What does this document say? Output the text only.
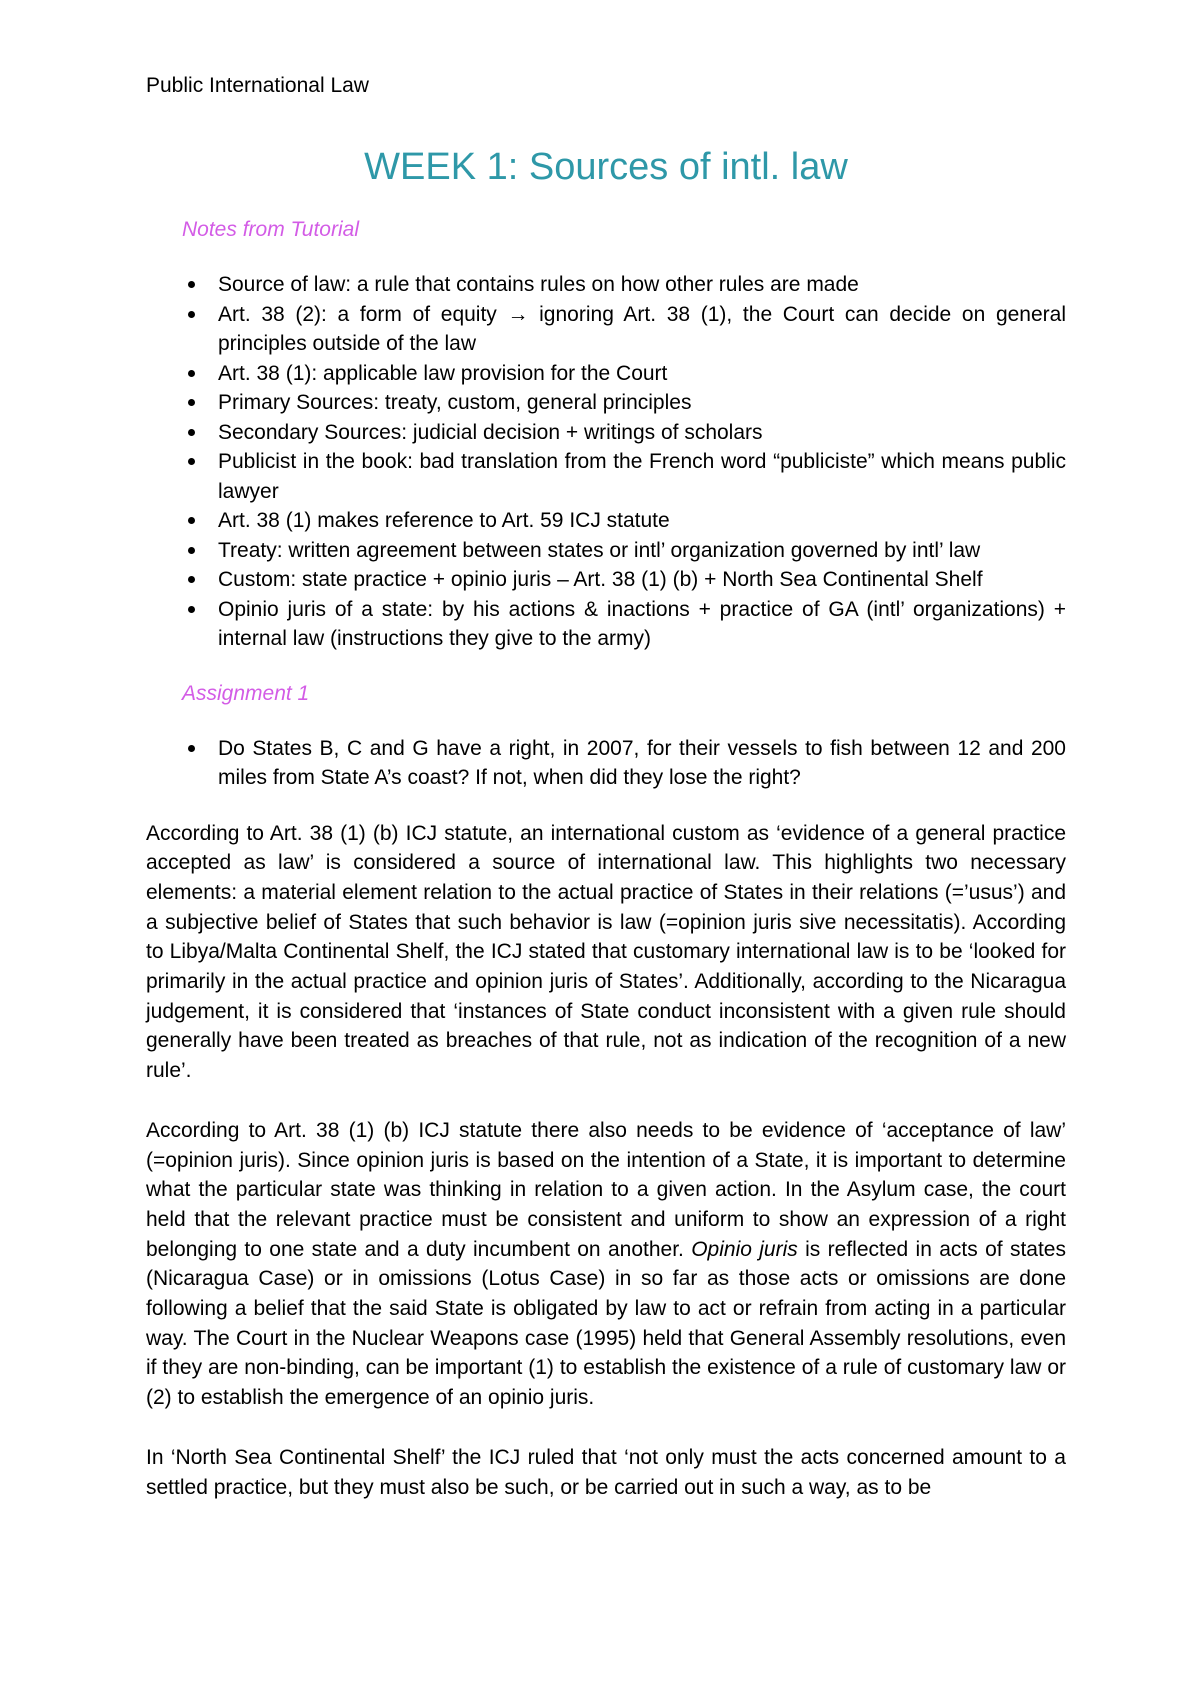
Public International Law
WEEK 1: Sources of intl. law
Notes from Tutorial
Source of law: a rule that contains rules on how other rules are made
Art. 38 (2): a form of equity → ignoring Art. 38 (1), the Court can decide on general principles outside of the law
Art. 38 (1): applicable law provision for the Court
Primary Sources: treaty, custom, general principles
Secondary Sources: judicial decision + writings of scholars
Publicist in the book: bad translation from the French word “publiciste” which means public lawyer
Art. 38 (1) makes reference to Art. 59 ICJ statute
Treaty: written agreement between states or intl’ organization governed by intl’ law
Custom: state practice + opinio juris – Art. 38 (1) (b) + North Sea Continental Shelf
Opinio juris of a state: by his actions & inactions + practice of GA (intl’ organizations) + internal law (instructions they give to the army)
Assignment 1
Do States B, C and G have a right, in 2007, for their vessels to fish between 12 and 200 miles from State A’s coast? If not, when did they lose the right?

According to Art. 38 (1) (b) ICJ statute, an international custom as ‘evidence of a general practice accepted as law’ is considered a source of international law. This highlights two necessary elements: a material element relation to the actual practice of States in their relations (=’usus’) and a subjective belief of States that such behavior is law (=opinion juris sive necessitatis). According to Libya/Malta Continental Shelf, the ICJ stated that customary international law is to be ‘looked for primarily in the actual practice and opinion juris of States’. Additionally, according to the Nicaragua judgement, it is considered that ‘instances of State conduct inconsistent with a given rule should generally have been treated as breaches of that rule, not as indication of the recognition of a new rule’.

According to Art. 38 (1) (b) ICJ statute there also needs to be evidence of ‘acceptance of law’ (=opinion juris). Since opinion juris is based on the intention of a State, it is important to determine what the particular state was thinking in relation to a given action. In the Asylum case, the court held that the relevant practice must be consistent and uniform to show an expression of a right belonging to one state and a duty incumbent on another. Opinio juris is reflected in acts of states (Nicaragua Case) or in omissions (Lotus Case) in so far as those acts or omissions are done following a belief that the said State is obligated by law to act or refrain from acting in a particular way. The Court in the Nuclear Weapons case (1995) held that General Assembly resolutions, even if they are non-binding, can be important (1) to establish the existence of a rule of customary law or (2) to establish the emergence of an opinio juris.

In ‘North Sea Continental Shelf’ the ICJ ruled that ‘not only must the acts concerned amount to a settled practice, but they must also be such, or be carried out in such a way, as to be
